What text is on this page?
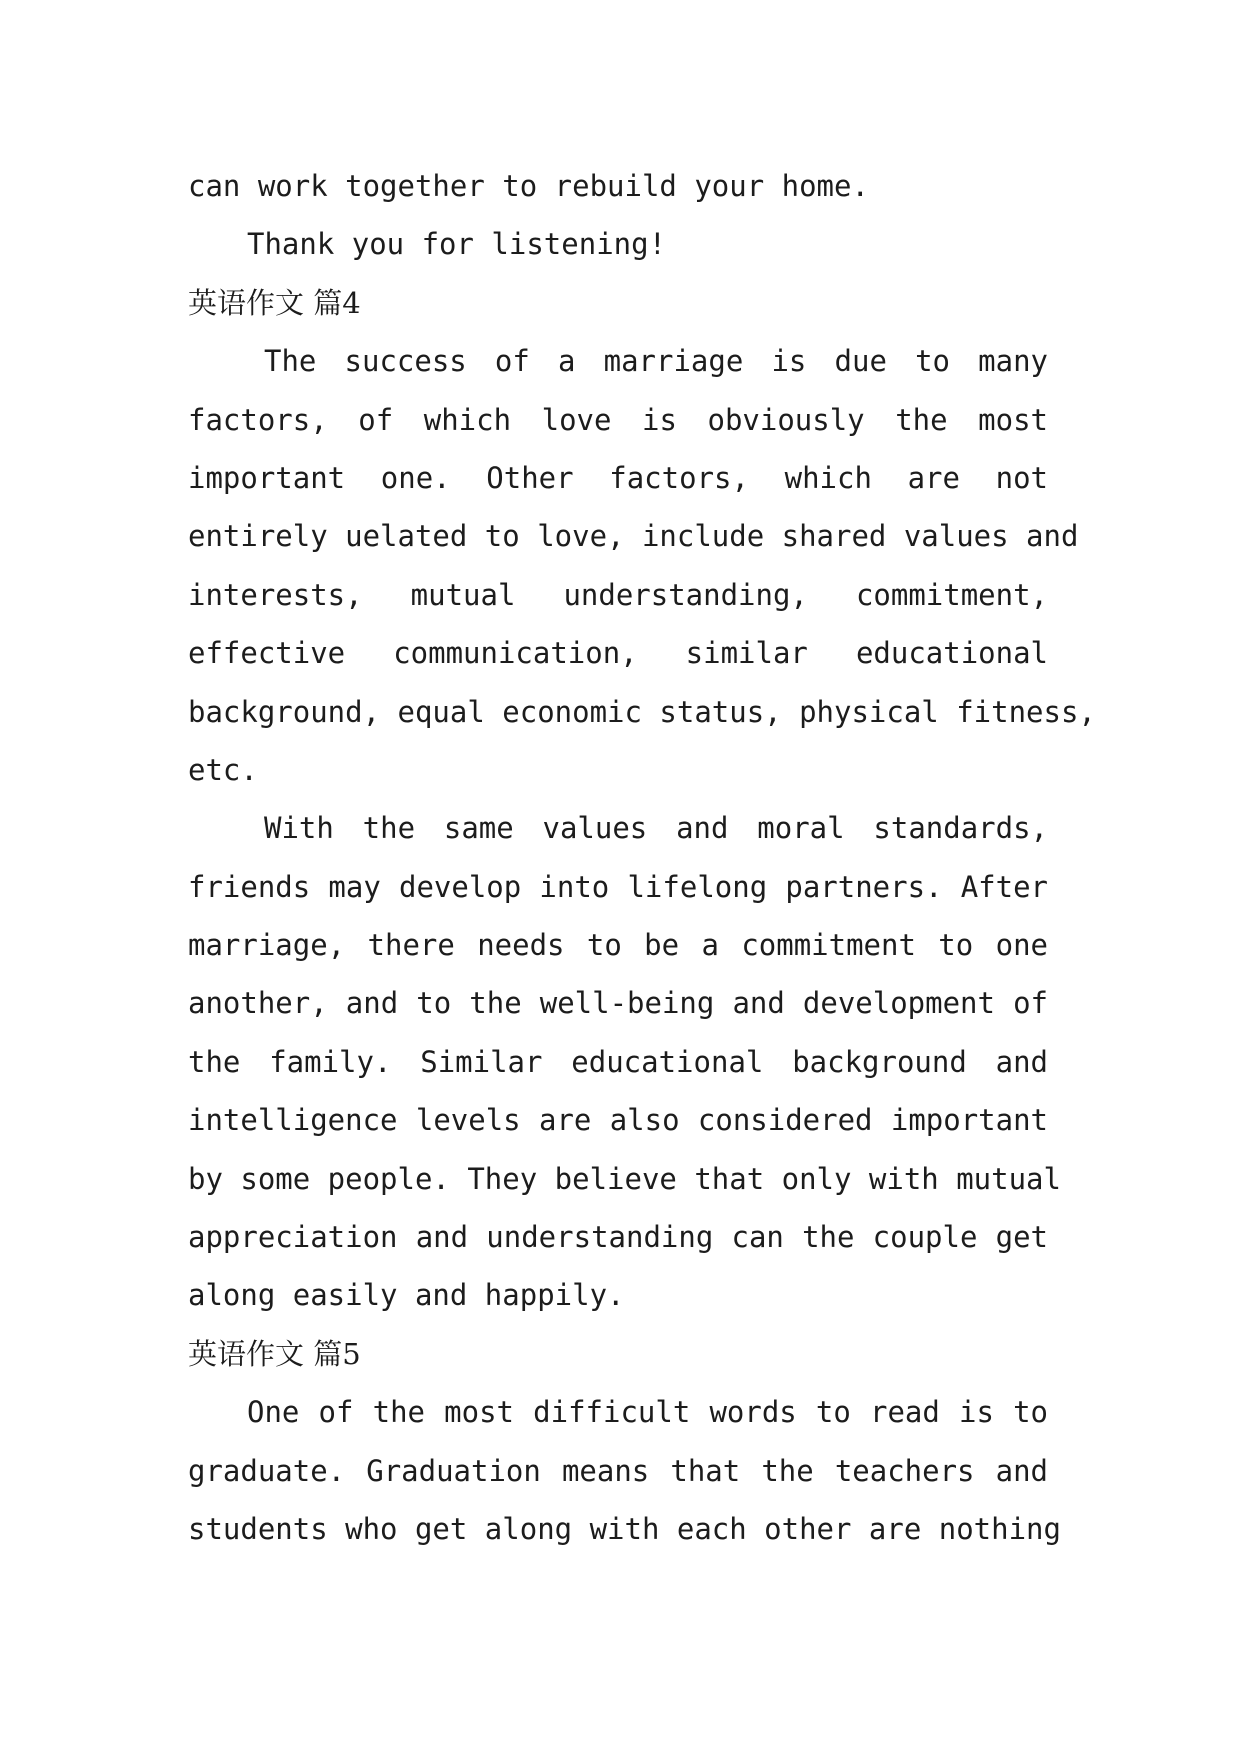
can work together to rebuild your home.
Thank you for listening!
英语作文 篇4
The success of a marriage is due to many
factors, of which love is obviously the most
important one. Other factors, which are not
entirely uelated to love, include shared values and
interests, mutual understanding, commitment,
effective communication, similar educational
background, equal economic status, physical fitness,
etc.
With the same values and moral standards,
friends may develop into lifelong partners. After
marriage, there needs to be a commitment to one
another, and to the well-being and development of
the family. Similar educational background and
intelligence levels are also considered important
by some people. They believe that only with mutual
appreciation and understanding can the couple get
along easily and happily.
英语作文 篇5
One of the most difficult words to read is to
graduate. Graduation means that the teachers and
students who get along with each other are nothing
